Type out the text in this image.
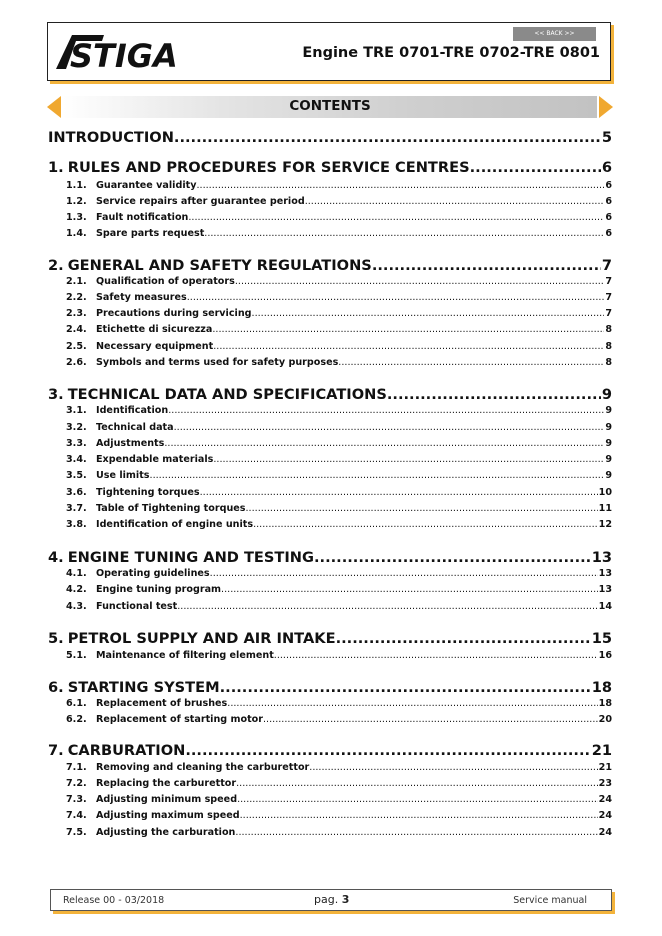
STIGA
<< BACK >>
Engine TRE 0701-TRE 0702-TRE 0801
CONTENTS
INTRODUCTION .....	5
1. RULES AND PROCEDURES FOR SERVICE CENTRES .....	6
1.1. Guarantee validity .....	6
1.2. Service repairs after guarantee period .....	6
1.3. Fault notification .....	6
1.4. Spare parts request .....	6
2. GENERAL AND SAFETY REGULATIONS .....	7
2.1. Qualification of operators .....	7
2.2. Safety measures .....	7
2.3. Precautions during servicing .....	7
2.4. Etichette di sicurezza .....	8
2.5. Necessary equipment .....	8
2.6. Symbols and terms used for safety purposes .....	8
3. TECHNICAL DATA AND SPECIFICATIONS .....	9
3.1. Identification .....	9
3.2. Technical data .....	9
3.3. Adjustments .....	9
3.4. Expendable materials .....	9
3.5. Use limits .....	9
3.6. Tightening torques .....	10
3.7. Table of Tightening torques .....	11
3.8. Identification of engine units .....	12
4. ENGINE TUNING AND TESTING .....	13
4.1. Operating guidelines .....	13
4.2. Engine tuning program .....	13
4.3. Functional test .....	14
5. PETROL SUPPLY AND AIR INTAKE .....	15
5.1. Maintenance of filtering element .....	16
6. STARTING SYSTEM .....	18
6.1. Replacement of brushes .....	18
6.2. Replacement of starting motor .....	20
7. CARBURATION .....	21
7.1. Removing and cleaning the carburettor .....	21
7.2. Replacing the carburettor .....	23
7.3. Adjusting minimum speed .....	24
7.4. Adjusting maximum speed .....	24
7.5. Adjusting the carburation .....	24
Release 00 - 03/2018	pag. 3	Service manual
